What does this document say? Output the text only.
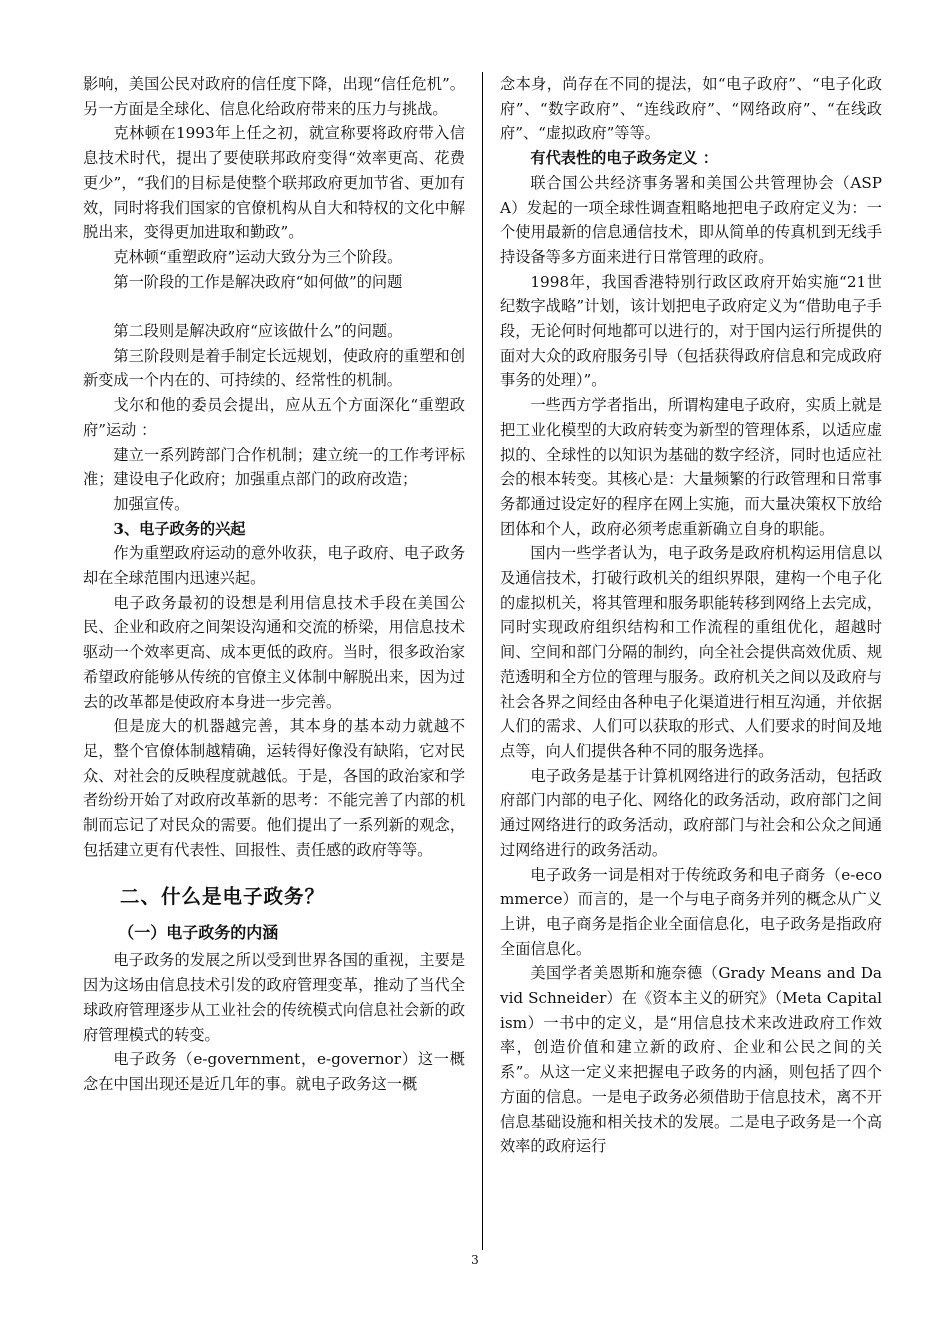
影响，美国公民对政府的信任度下降，出现“信任危机”。另一方面是全球化、信息化给政府带来的压力与挑战。

克林顿在1993年上任之初，就宣称要将政府带入信息技术时代，提出了要使联邦政府变得“效率更高、花费更少”，“我们的目标是使整个联邦政府更加节省、更加有效，同时将我们国家的官僚机构从自大和特权的文化中解脱出来，变得更加进取和勤政”。

克林顿“重塑政府”运动大致分为三个阶段。

第一阶段的工作是解决政府“如何做”的问题

第二段则是解决政府“应该做什么”的问题。

第三阶段则是着手制定长远规划，使政府的重塑和创新变成一个内在的、可持续的、经常性的机制。

戈尔和他的委员会提出，应从五个方面深化“重塑政府”运动 ：

建立一系列跨部门合作机制；建立统一的工作考评标准；建设电子化政府；加强重点部门的政府改造；

加强宣传。

3、电子政务的兴起

作为重塑政府运动的意外收获，电子政府、电子政务却在全球范围内迅速兴起。

电子政务最初的设想是利用信息技术手段在美国公民、企业和政府之间架设沟通和交流的桥梁，用信息技术驱动一个效率更高、成本更低的政府。当时，很多政治家希望政府能够从传统的官僚主义体制中解脱出来，因为过去的改革都是使政府本身进一步完善。

但是庞大的机器越完善，其本身的基本动力就越不足，整个官僚体制越精确，运转得好像没有缺陷，它对民众、对社会的反映程度就越低。于是，各国的政治家和学者纷纷开始了对政府改革新的思考：不能完善了内部的机制而忘记了对民众的需要。他们提出了一系列新的观念，包括建立更有代表性、回报性、责任感的政府等等。

二、什么是电子政务？
（一）电子政务的内涵

电子政务的发展之所以受到世界各国的重视，主要是因为这场由信息技术引发的政府管理变革，推动了当代全球政府管理逐步从工业社会的传统模式向信息社会新的政府管理模式的转变。

电子政务（e-government，e-governor）这一概念在中国出现还是近几年的事。就电子政务这一概

念本身，尚存在不同的提法，如“电子政府”、“电子化政府”、“数字政府”、“连线政府”、“网络政府”、“在线政府”、“虚拟政府”等等。

有代表性的电子政务定义 ：

联合国公共经济事务署和美国公共管理协会（ASPA）发起的一项全球性调查粗略地把电子政府定义为：一个使用最新的信息通信技术，即从简单的传真机到无线手持设备等多方面来进行日常管理的政府。

1998年，我国香港特别行政区政府开始实施“21世纪数字战略”计划，该计划把电子政府定义为“借助电子手段，无论何时何地都可以进行的，对于国内运行所提供的面对大众的政府服务引导（包括获得政府信息和完成政府事务的处理）”。

一些西方学者指出，所谓构建电子政府，实质上就是把工业化模型的大政府转变为新型的管理体系，以适应虚拟的、全球性的以知识为基础的数字经济，同时也适应社会的根本转变。其核心是：大量频繁的行政管理和日常事务都通过设定好的程序在网上实施，而大量决策权下放给团体和个人，政府必须考虑重新确立自身的职能。

国内一些学者认为，电子政务是政府机构运用信息以及通信技术，打破行政机关的组织界限，建构一个电子化的虚拟机关，将其管理和服务职能转移到网络上去完成，同时实现政府组织结构和工作流程的重组优化，超越时间、空间和部门分隔的制约，向全社会提供高效优质、规范透明和全方位的管理与服务。政府机关之间以及政府与社会各界之间经由各种电子化渠道进行相互沟通，并依据人们的需求、人们可以获取的形式、人们要求的时间及地点等，向人们提供各种不同的服务选择。

电子政务是基于计算机网络进行的政务活动，包括政府部门内部的电子化、网络化的政务活动，政府部门之间通过网络进行的政务活动，政府部门与社会和公众之间通过网络进行的政务活动。

电子政务一词是相对于传统政务和电子商务（e-ecommerce）而言的，是一个与电子商务并列的概念从广义上讲，电子商务是指企业全面信息化，电子政务是指政府全面信息化。

美国学者美恩斯和施奈德（Grady Means and David Schneider）在《资本主义的研究》（Meta Capitalism）一书中的定义，是“用信息技术来改进政府工作效率，创造价值和建立新的政府、企业和公民之间的关系”。从这一定义来把握电子政务的内涵，则包括了四个方面的信息。一是电子政务必须借助于信息技术，离不开信息基础设施和相关技术的发展。二是电子政务是一个高效率的政府运行

3
